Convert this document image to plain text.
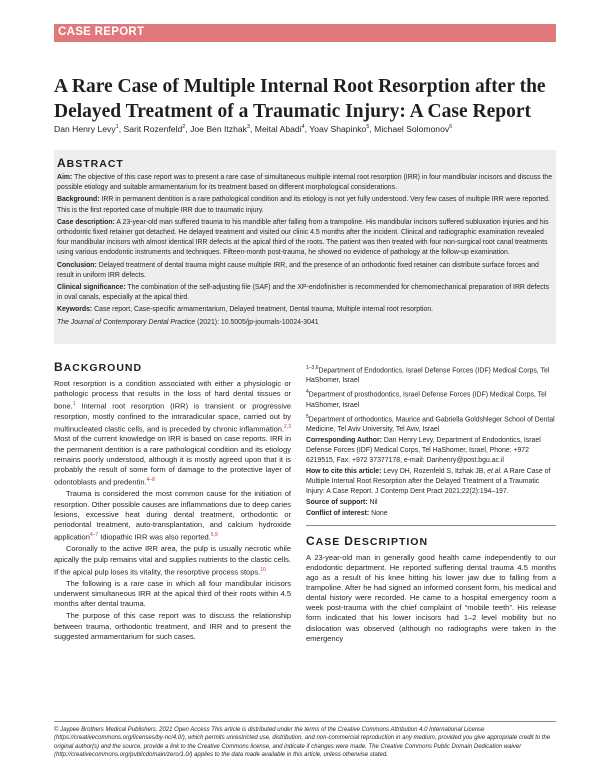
CASE REPORT
A Rare Case of Multiple Internal Root Resorption after the Delayed Treatment of a Traumatic Injury: A Case Report
Dan Henry Levy$^1$, Sarit Rozenfeld$^2$, Joe Ben Itzhak$^3$, Meital Abadi$^4$, Yoav Shapinko$^5$, Michael Solomonov$^6$
ABSTRACT

Aim: The objective of this case report was to present a rare case of simultaneous multiple internal root resorption (IRR) in four mandibular incisors and discuss the possible etiology and suitable armamentarium for its treatment based on different morphological considerations.

Background: IRR in permanent dentition is a rare pathological condition and its etiology is not yet fully understood. Very few cases of multiple IRR were reported. This is the first reported case of multiple IRR due to traumatic injury.

Case description: A 23-year-old man suffered trauma to his mandible after falling from a trampoline. His mandibular incisors suffered subluxation injuries and his orthodontic fixed retainer got detached. He delayed treatment and visited our clinic 4.5 months after the incident. Clinical and radiographic examination revealed four mandibular incisors with almost identical IRR defects at the apical third of the roots. The patient was then treated with four non-surgical root canal treatments using various endodontic instruments and techniques. Fifteen-month post-trauma, he showed no evidence of pathology at the follow-up examination.

Conclusion: Delayed treatment of dental trauma might cause multiple IRR, and the presence of an orthodontic fixed retainer can distribute surface forces and result in uniform IRR defects.

Clinical significance: The combination of the self-adjusting file (SAF) and the XP-endofinisher is recommended for chemomechanical preparation of IRR defects in oval canals, especially at the apical third.

Keywords: Case report, Case-specific armamentarium, Delayed treatment, Dental trauma, Multiple internal root resorption.

The Journal of Contemporary Dental Practice (2021): 10.5005/jp-journals-10024-3041

BACKGROUND

Root resorption is a condition associated with either a physiologic or pathologic process that results in the loss of hard dental tissues or bone.$^1$ Internal root resorption (IRR) is transient or progressive resorption, mostly confined to the intraradicular space, carried out by multinucleated clastic cells, and is preceded by chronic inflammation.$^{2,3}$ Most of the current knowledge on IRR is based on case reports. IRR in the permanent dentition is a rare pathological condition and its etiology remains poorly understood, although it is mostly agreed upon that it is probably the result of some form of damage to the protective layer of odontoblasts and predentin.$^{4-8}$

Trauma is considered the most common cause for the initiation of resorption. Other possible causes are inflammations due to deep caries lesions, excessive heat during dental treatment, orthodontic or periodontal treatment, auto-transplantation, and calcium hydroxide application$^{4-7}$ Idiopathic IRR was also reported.$^{5,9}$

Coronally to the active IRR area, the pulp is usually necrotic while apically the pulp remains vital and supplies nutrients to the clastic cells. If the apical pulp loses its vitality, the resorptive process stops.$^{10}$

The following is a rare case in which all four mandibular incisors underwent simultaneous IRR at the apical third of their roots within 4.5 months after dental trauma.

The purpose of this case report was to discuss the relationship between trauma, orthodontic treatment, and IRR and to present the suggested armamentarium for such cases.

$^{1-3,6}$Department of Endodontics, Israel Defense Forces (IDF) Medical Corps, Tel HaShomer, Israel

$^4$Department of prosthodontics, Israel Defense Forces (IDF) Medical Corps, Tel HaShomer, Israel

$^5$Department of orthodontics, Maurice and Gabriella Goldshleger School of Dental Medicine, Tel Aviv University, Tel Aviv, Israel

Corresponding Author: Dan Henry Levy, Department of Endodontics, Israel Defense Forces (IDF) Medical Corps, Tel HaShomer, Israel, Phone: +972 6219515, Fax: +972 37377178, e-mail: Danhenry@post.bgu.ac.il

How to cite this article: Levy DH, Rozenfeld S, Itzhak JB, et al. A Rare Case of Multiple Internal Root Resorption after the Delayed Treatment of a Traumatic Injury: A Case Report. J Contemp Dent Pract 2021;22(2):194–197.

Source of support: Nil

Conflict of interest: None

CASE DESCRIPTION

A 23-year-old man in generally good health came independently to our endodontic department. He reported suffering dental trauma 4.5 months ago as a result of his knee hitting his lower jaw due to falling from a trampoline. After he had signed an informed consent form, his medical and dental history were recorded. He came to a hospital emergency room a week post-trauma with the chief complaint of “mobile teeth”. His release form indicated that his lower incisors had 1–2 level mobility but no dislocation was observed (although no radiographs were taken in the emergency

© Jaypee Brothers Medical Publishers. 2021 Open Access This article is distributed under the terms of the Creative Commons Attribution 4.0 International License (https://creativecommons.org/licenses/by-nc/4.0/), which permits unrestricted use, distribution, and non-commercial reproduction in any medium, provided you give appropriate credit to the original author(s) and the source, provide a link to the Creative Commons license, and indicate if changes were made. The Creative Commons Public Domain Dedication waiver (http://creativecommons.org/publicdomain/zero/1.0/) applies to the data made available in this article, unless otherwise stated.
